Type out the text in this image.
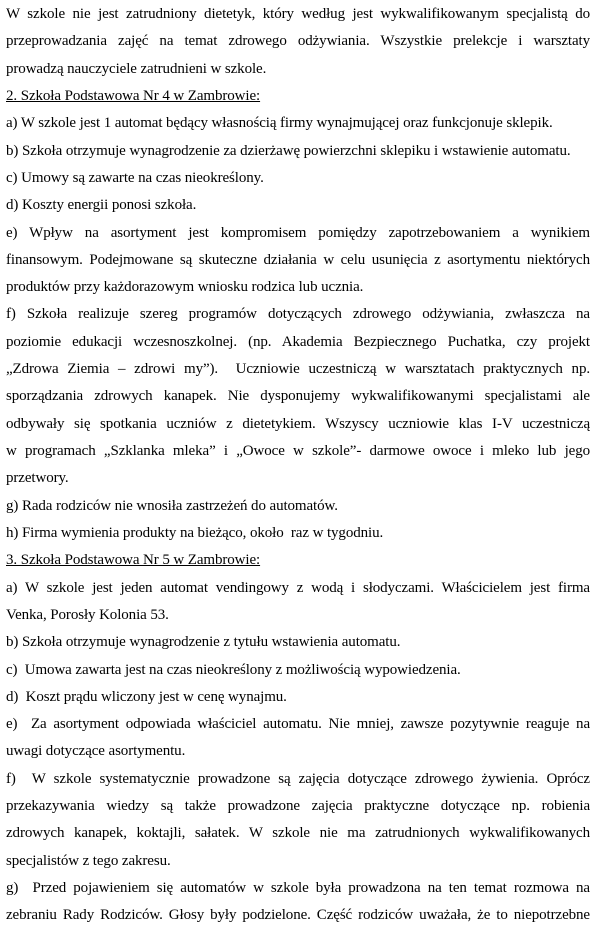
W szkole nie jest zatrudniony dietetyk, który według jest wykwalifikowanym specjalistą do
przeprowadzania zajęć na temat zdrowego odżywiania. Wszystkie prelekcje i warsztaty
prowadzą nauczyciele zatrudnieni w szkole.
2. Szkoła Podstawowa Nr 4 w Zambrowie:
a) W szkole jest 1 automat będący własnością firmy wynajmującej oraz funkcjonuje sklepik.
b) Szkoła otrzymuje wynagrodzenie za dzierżawę powierzchni sklepiku i wstawienie automatu.
c) Umowy są zawarte na czas nieokreślony.
d) Koszty energii ponosi szkoła.
e) Wpływ na asortyment jest kompromisem pomiędzy zapotrzebowaniem a wynikiem
finansowym. Podejmowane są skuteczne działania w celu usunięcia z asortymentu niektórych
produktów przy każdorazowym wniosku rodzica lub ucznia.
f) Szkoła realizuje szereg programów dotyczących zdrowego odżywiania, zwłaszcza na
poziomie edukacji wczesnoszkolnej. (np. Akademia Bezpiecznego Puchatka, czy projekt
„Zdrowa Ziemia – zdrowi my”).  Uczniowie uczestniczą w warsztatach praktycznych np.
sporządzania zdrowych kanapek. Nie dysponujemy wykwalifikowanymi specjalistami ale
odbywały się spotkania uczniów z dietetykiem. Wszyscy uczniowie klas I-V uczestniczą
w programach „Szklanka mleka” i „Owoce w szkole”- darmowe owoce i mleko lub jego
przetwory.
g) Rada rodziców nie wnosiła zastrzeżeń do automatów.
h) Firma wymienia produkty na bieżąco, około  raz w tygodniu.
3. Szkoła Podstawowa Nr 5 w Zambrowie:
a) W szkole jest jeden automat vendingowy z wodą i słodyczami. Właścicielem jest firma
Venka, Porosły Kolonia 53.
b) Szkoła otrzymuje wynagrodzenie z tytułu wstawienia automatu.
c)  Umowa zawarta jest na czas nieokreślony z możliwością wypowiedzenia.
d)  Koszt prądu wliczony jest w cenę wynajmu.
e)  Za asortyment odpowiada właściciel automatu. Nie mniej, zawsze pozytywnie reaguje na
uwagi dotyczące asortymentu.
f)  W szkole systematycznie prowadzone są zajęcia dotyczące zdrowego żywienia. Oprócz
przekazywania wiedzy są także prowadzone zajęcia praktyczne dotyczące np. robienia
zdrowych kanapek, koktajli, sałatek. W szkole nie ma zatrudnionych wykwalifikowanych
specjalistów z tego zakresu.
g)  Przed pojawieniem się automatów w szkole była prowadzona na ten temat rozmowa na
zebraniu Rady Rodziców. Głosy były podzielone. Część rodziców uważała, że to niepotrzebne
